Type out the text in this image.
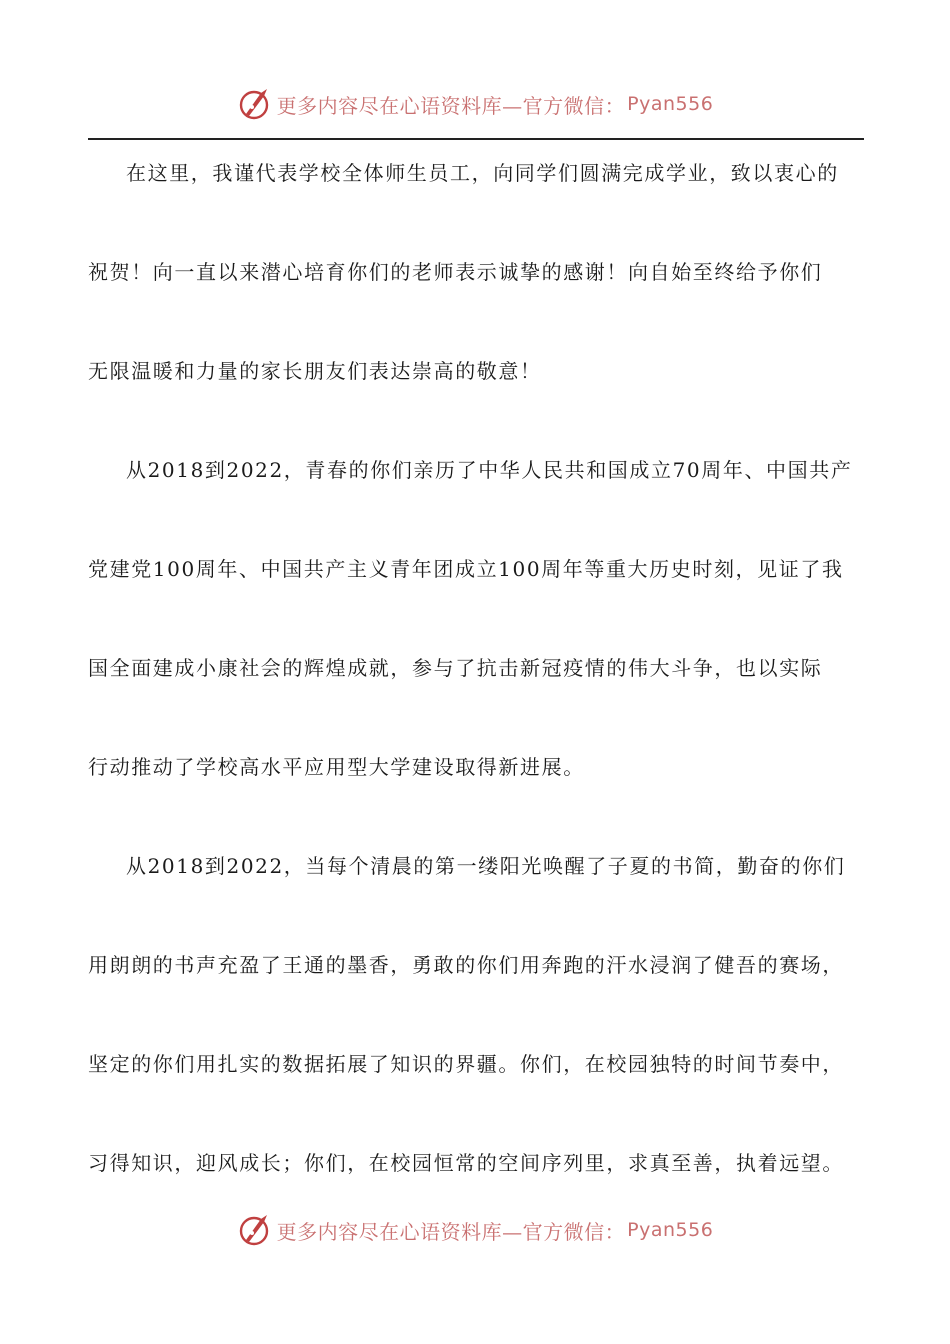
更多内容尽在心语资料库—官方微信： Pyan556
在这里，我谨代表学校全体师生员工，向同学们圆满完成学业，致以衷心的
祝贺！向一直以来潜心培育你们的老师表示诚挚的感谢！向自始至终给予你们
无限温暖和力量的家长朋友们表达崇高的敬意！
从2018到2022，青春的你们亲历了中华人民共和国成立70周年、中国共产
党建党100周年、中国共产主义青年团成立100周年等重大历史时刻，见证了我
国全面建成小康社会的辉煌成就，参与了抗击新冠疫情的伟大斗争，也以实际
行动推动了学校高水平应用型大学建设取得新进展。
从2018到2022，当每个清晨的第一缕阳光唤醒了子夏的书简，勤奋的你们
用朗朗的书声充盈了王通的墨香，勇敢的你们用奔跑的汗水浸润了健吾的赛场，
坚定的你们用扎实的数据拓展了知识的界疆。你们，在校园独特的时间节奏中，
习得知识，迎风成长；你们，在校园恒常的空间序列里，求真至善，执着远望。
更多内容尽在心语资料库—官方微信： Pyan556
